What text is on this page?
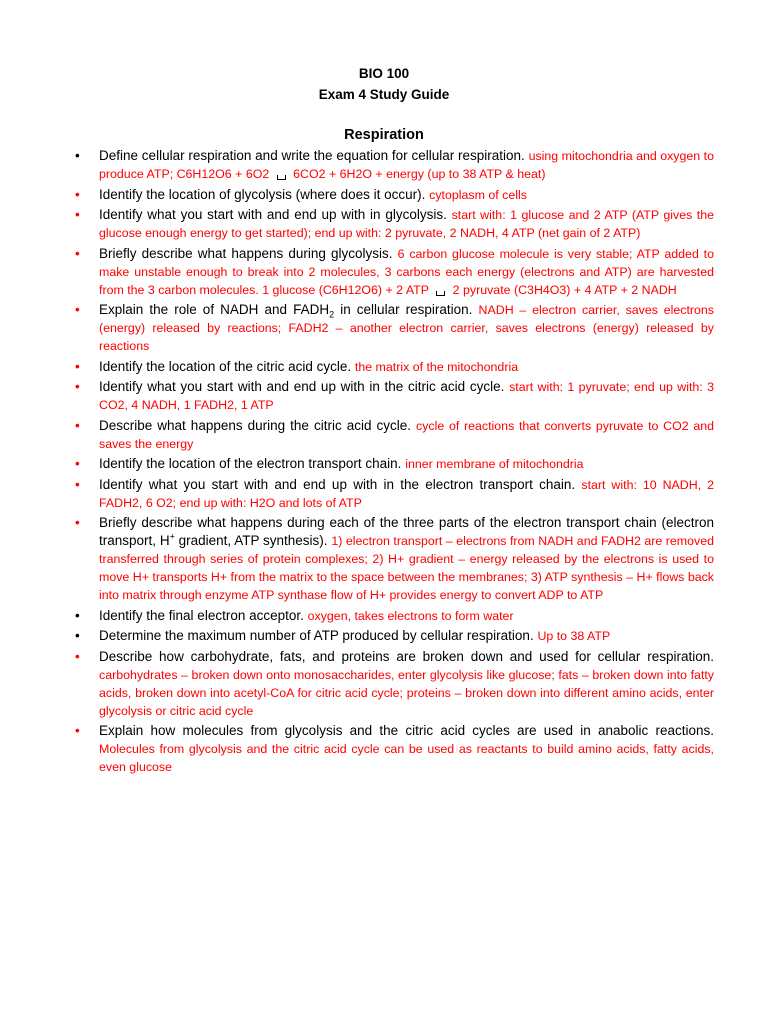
BIO 100
Exam 4 Study Guide
Respiration
• Define cellular respiration and write the equation for cellular respiration. using mitochondria and oxygen to produce ATP; C6H12O6 + 6O2  6CO2 + 6H2O + energy (up to 38 ATP & heat)
• Identify the location of glycolysis (where does it occur). cytoplasm of cells
• Identify what you start with and end up with in glycolysis. start with: 1 glucose and 2 ATP (ATP gives the glucose enough energy to get started); end up with: 2 pyruvate, 2 NADH, 4 ATP (net gain of 2 ATP)
• Briefly describe what happens during glycolysis. 6 carbon glucose molecule is very stable; ATP added to make unstable enough to break into 2 molecules, 3 carbons each energy (electrons and ATP) are harvested from the 3 carbon molecules. 1 glucose (C6H12O6) + 2 ATP  2 pyruvate (C3H4O3) + 4 ATP + 2 NADH
• Explain the role of NADH and $FADH_2$ in cellular respiration. NADH – electron carrier, saves electrons (energy) released by reactions; FADH2 – another electron carrier, saves electrons (energy) released by reactions
• Identify the location of the citric acid cycle. the matrix of the mitochondria
• Identify what you start with and end up with in the citric acid cycle. start with: 1 pyruvate; end up with: 3 CO2, 4 NADH, 1 FADH2, 1 ATP
• Describe what happens during the citric acid cycle. cycle of reactions that converts pyruvate to CO2 and saves the energy
• Identify the location of the electron transport chain. inner membrane of mitochondria
• Identify what you start with and end up with in the electron transport chain. start with: 10 NADH, 2 FADH2, 6 O2; end up with: H2O and lots of ATP
• Briefly describe what happens during each of the three parts of the electron transport chain (electron transport, H+ gradient, ATP synthesis). 1) electron transport – electrons from NADH and FADH2 are removed transferred through series of protein complexes; 2) H+ gradient – energy released by the electrons is used to move H+ transports H+ from the matrix to the space between the membranes; 3) ATP synthesis – H+ flows back into matrix through enzyme ATP synthase flow of H+ provides energy to convert ADP to ATP
• Identify the final electron acceptor. oxygen, takes electrons to form water
• Determine the maximum number of ATP produced by cellular respiration. Up to 38 ATP
• Describe how carbohydrate, fats, and proteins are broken down and used for cellular respiration. carbohydrates – broken down onto monosaccharides, enter glycolysis like glucose; fats – broken down into fatty acids, broken down into acetyl-CoA for citric acid cycle; proteins – broken down into different amino acids, enter glycolysis or citric acid cycle
• Explain how molecules from glycolysis and the citric acid cycles are used in anabolic reactions. Molecules from glycolysis and the citric acid cycle can be used as reactants to build amino acids, fatty acids, even glucose
